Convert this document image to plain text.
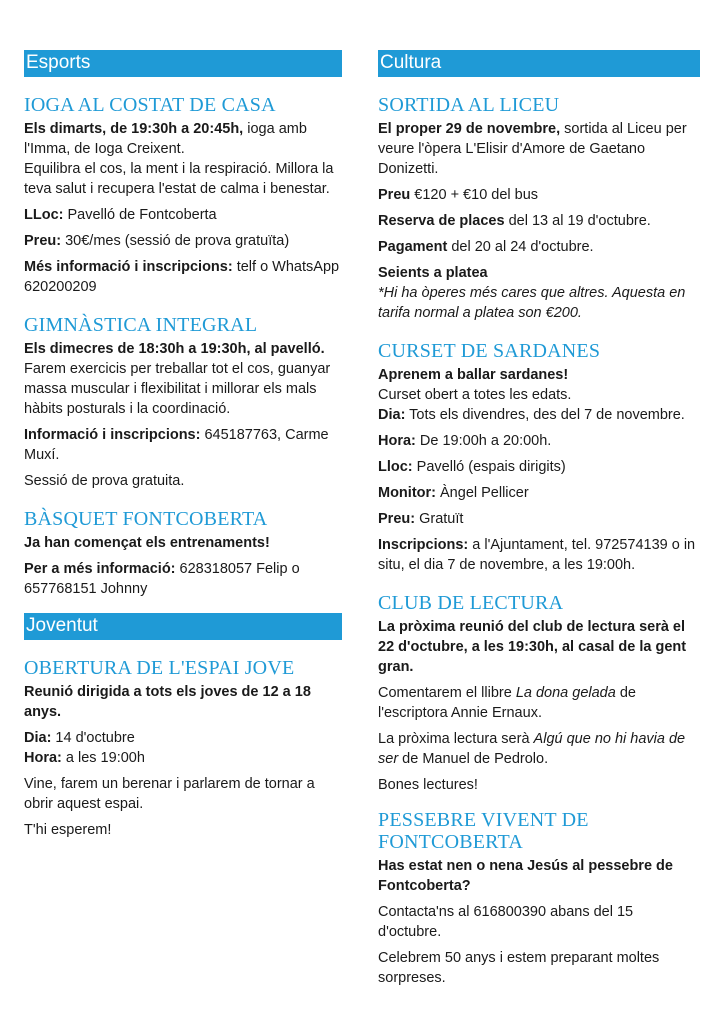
Esports
IOGA AL COSTAT DE CASA
Els dimarts, de 19:30h a 20:45h, ioga amb l'Imma, de Ioga Creixent.
Equilibra el cos, la ment i la respiració. Millora la teva salut i recupera l'estat de calma i benestar.
LLoc: Pavelló de Fontcoberta
Preu: 30€/mes (sessió de prova gratuïta)
Més informació i inscripcions: telf o WhatsApp 620200209
GIMNÀSTICA INTEGRAL
Els dimecres de 18:30h a 19:30h, al pavelló.
Farem exercicis per treballar tot el cos, guanyar massa muscular i flexibilitat i millorar els mals hàbits posturals i la coordinació.
Informació i inscripcions: 645187763, Carme Muxí.
Sessió de prova gratuita.
BÀSQUET FONTCOBERTA
Ja han començat els entrenaments!
Per a més informació: 628318057 Felip o 657768151 Johnny
Joventut
OBERTURA DE L'ESPAI JOVE
Reunió dirigida a tots els joves de 12 a 18 anys.
Dia: 14 d'octubre
Hora: a les 19:00h
Vine, farem un berenar i parlarem de tornar a obrir aquest espai.
T'hi esperem!
Cultura
SORTIDA AL LICEU
El proper 29 de novembre, sortida al Liceu per veure l'òpera L'Elisir d'Amore de Gaetano Donizetti.
Preu €120 + €10 del bus
Reserva de places del 13 al 19 d'octubre.
Pagament del 20 al 24 d'octubre.
Seients a platea
*Hi ha òperes més cares que altres. Aquesta en tarifa normal a platea son €200.
CURSET DE SARDANES
Aprenem a ballar sardanes!
Curset obert a totes les edats.
Dia: Tots els divendres, des del 7 de novembre.
Hora: De 19:00h a 20:00h.
Lloc: Pavelló (espais dirigits)
Monitor: Àngel Pellicer
Preu: Gratuït
Inscripcions: a l'Ajuntament, tel. 972574139 o in situ, el dia 7 de novembre, a les 19:00h.
CLUB DE LECTURA
La pròxima reunió del club de lectura serà el 22 d'octubre, a les 19:30h, al casal de la gent gran.
Comentarem el llibre La dona gelada de l'escriptora Annie Ernaux.
La pròxima lectura serà Algú que no hi havia de ser de Manuel de Pedrolo.
Bones lectures!
PESSEBRE VIVENT DE FONTCOBERTA
Has estat nen o nena Jesús al pessebre de Fontcoberta?
Contacta'ns al 616800390 abans del 15 d'octubre.
Celebrem 50 anys i estem preparant moltes sorpreses.
